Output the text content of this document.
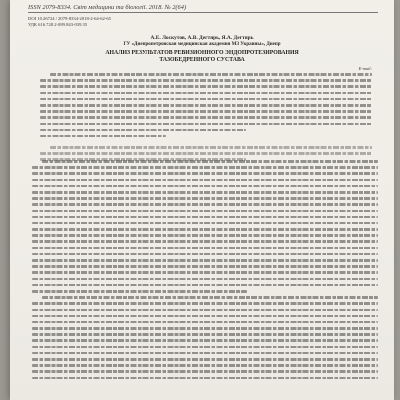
ISSN 2079-8334. Світ медицини та біології. 2018. № 2(64)
DOI 10.26724 / 2079-8334-2018-2-64-62-65
УДК 616.728.2-089.843-039.35
А.Е. Лоскутов, А.В. Дегтярь, Я.А. Дегтярь
ГУ «Днепропетровская медицинская академия МЗ Украины», Днепр
АНАЛИЗ РЕЗУЛЬТАТОВ РЕВИЗИОННОГО ЭНДОПРОТЕЗИРОВАНИЯ
ТАЗОБЕДРЕННОГО СУСТАВА
E-mail:
